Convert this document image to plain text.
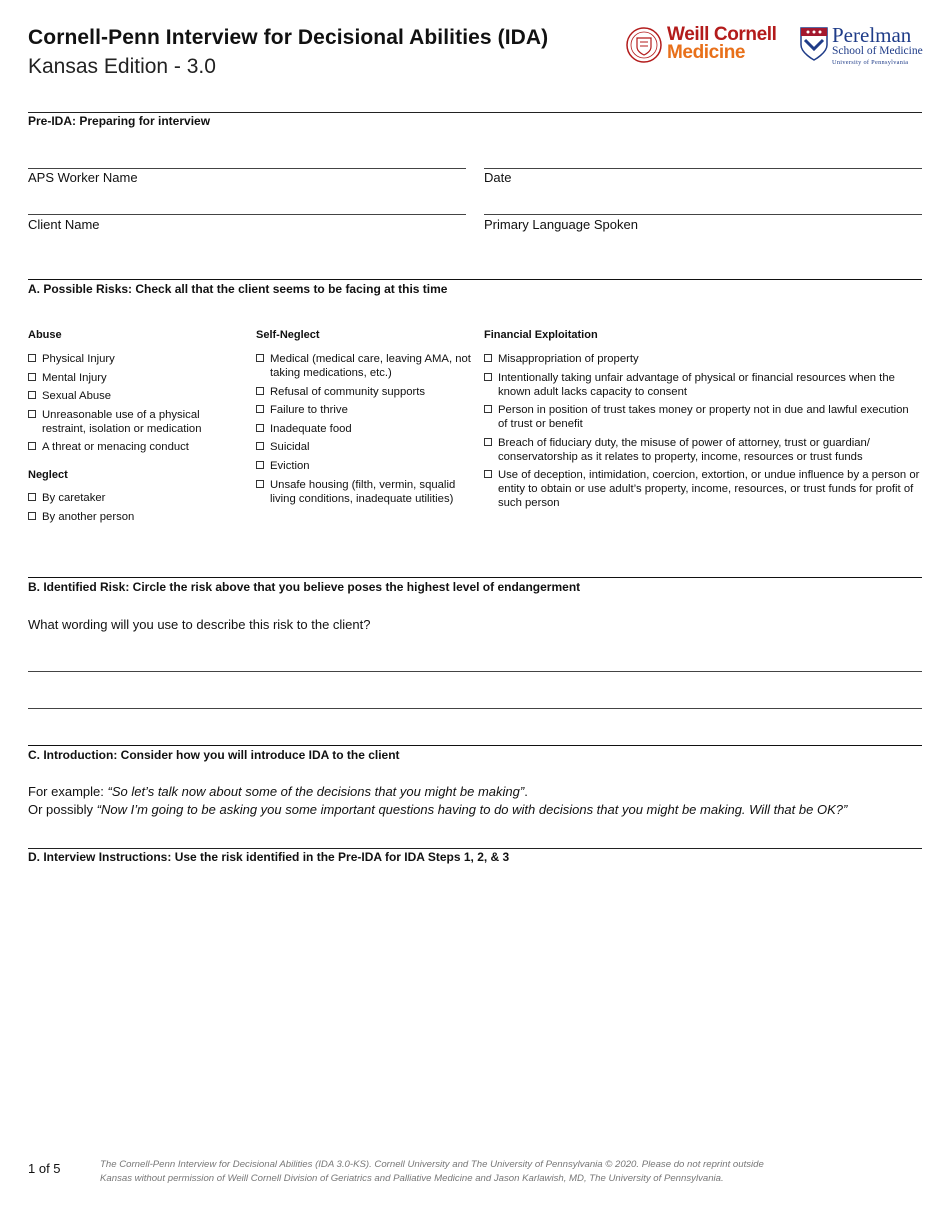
Cornell-Penn Interview for Decisional Abilities (IDA)
Kansas Edition - 3.0
Weill Cornell
Medicine
Perelman
School of Medicine
University of Pennsylvania
Pre-IDA: Preparing for interview
APS Worker Name	Date
Client Name	Primary Language Spoken
A. Possible Risks: Check all that the client seems to be facing at this time
Abuse
Physical Injury
Mental Injury
Sexual Abuse
Unreasonable use of a physical restraint, isolation or medication
A threat or menacing conduct
Neglect
By caretaker
By another person
Self-Neglect
Medical (medical care, leaving AMA, not taking medications, etc.)
Refusal of community supports
Failure to thrive
Inadequate food
Suicidal
Eviction
Unsafe housing (filth, vermin, squalid living conditions, inadequate utilities)
Financial Exploitation
Misappropriation of property
Intentionally taking unfair advantage of physical or financial resources when the known adult lacks capacity to consent
Person in position of trust takes money or property not in due and lawful execution of trust or benefit
Breach of fiduciary duty, the misuse of power of attorney, trust or guardian/ conservatorship as it relates to property, income, resources or trust funds
Use of deception, intimidation, coercion, extortion, or undue influence by a person or entity to obtain or use adult’s property, income, resources, or trust funds for profit of such person
B. Identified Risk: Circle the risk above that you believe poses the highest level of endangerment
What wording will you use to describe this risk to the client?
C. Introduction: Consider how you will introduce IDA to the client
For example: “So let’s talk now about some of the decisions that you might be making”.
Or possibly “Now I’m going to be asking you some important questions having to do with decisions that you might be making. Will that be OK?”
D. Interview Instructions: Use the risk identified in the Pre-IDA for IDA Steps 1, 2, & 3
1 of 5	The Cornell-Penn Interview for Decisional Abilities (IDA 3.0-KS). Cornell University and The University of Pennsylvania © 2020. Please do not reprint outside
Kansas without permission of Weill Cornell Division of Geriatrics and Palliative Medicine and Jason Karlawish, MD, The University of Pennsylvania.
